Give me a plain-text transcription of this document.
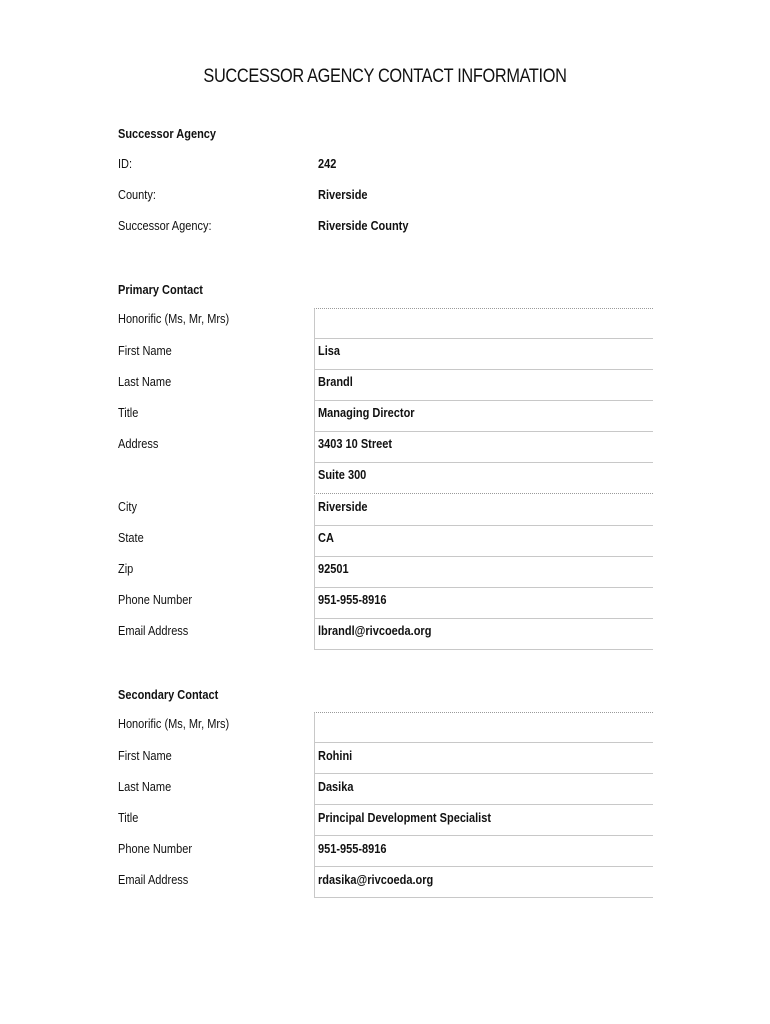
SUCCESSOR AGENCY CONTACT INFORMATION
Successor Agency
ID:	242
County:	Riverside
Successor Agency:	Riverside County
Primary Contact
Honorific (Ms, Mr, Mrs)
First Name	Lisa
Last Name	Brandl
Title	Managing Director
Address	3403 10 Street
Suite 300
City	Riverside
State	CA
Zip	92501
Phone Number	951-955-8916
Email Address	lbrandl@rivcoeda.org
Secondary Contact
Honorific (Ms, Mr, Mrs)
First Name	Rohini
Last Name	Dasika
Title	Principal Development Specialist
Phone Number	951-955-8916
Email Address	rdasika@rivcoeda.org
